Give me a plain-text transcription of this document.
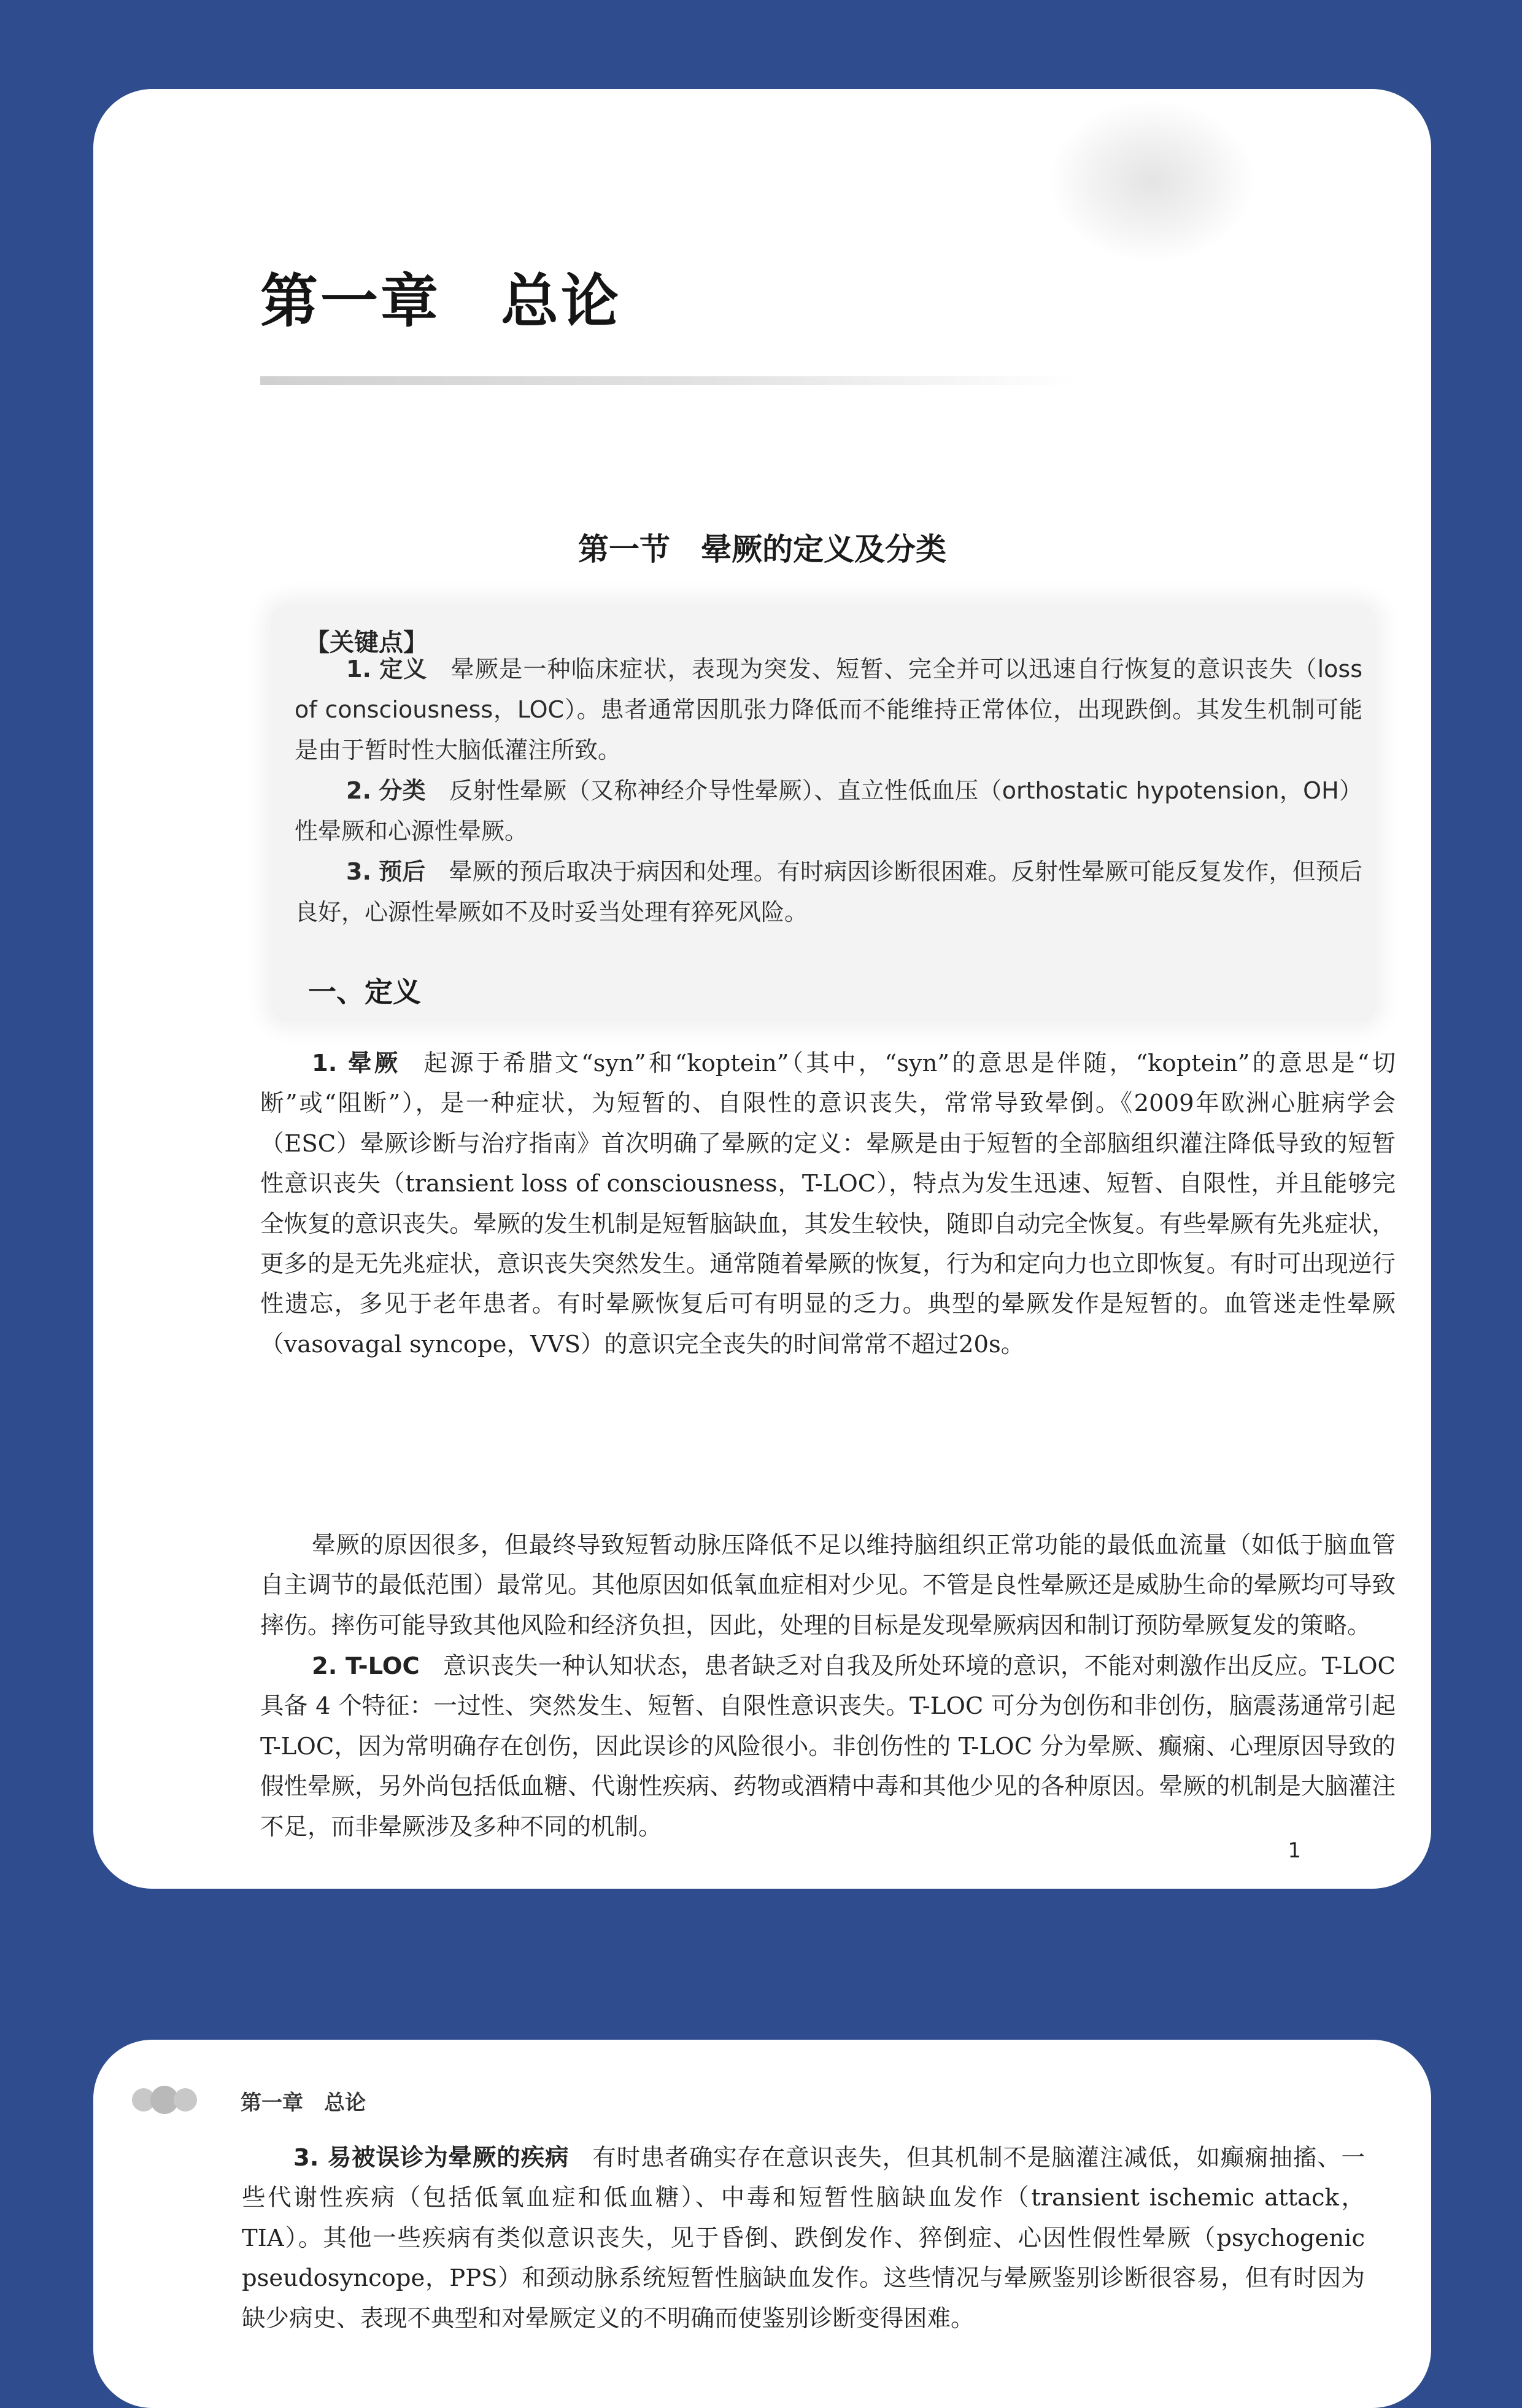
第一章　总论
第一节　晕厥的定义及分类
【关键点】
1. 定义 晕厥是一种临床症状，表现为突发、短暂、完全并可以迅速自行恢复的意识丧失（loss of consciousness，LOC）。患者通常因肌张力降低而不能维持正常体位，出现跌倒。其发生机制可能是由于暂时性大脑低灌注所致。
2. 分类 反射性晕厥（又称神经介导性晕厥）、直立性低血压（orthostatic hypotension，OH）性晕厥和心源性晕厥。
3. 预后 晕厥的预后取决于病因和处理。有时病因诊断很困难。反射性晕厥可能反复发作，但预后良好，心源性晕厥如不及时妥当处理有猝死风险。
一、定义
1. 晕厥 起源于希腊文“syn”和“koptein”（其中，“syn”的意思是伴随，“koptein”的意思是“切断”或“阻断”），是一种症状，为短暂的、自限性的意识丧失，常常导致晕倒。《2009年欧洲心脏病学会（ESC）晕厥诊断与治疗指南》首次明确了晕厥的定义：晕厥是由于短暂的全部脑组织灌注降低导致的短暂性意识丧失（transient loss of consciousness，T-LOC），特点为发生迅速、短暂、自限性，并且能够完全恢复的意识丧失。晕厥的发生机制是短暂脑缺血，其发生较快，随即自动完全恢复。有些晕厥有先兆症状，更多的是无先兆症状，意识丧失突然发生。通常随着晕厥的恢复，行为和定向力也立即恢复。有时可出现逆行性遗忘，多见于老年患者。有时晕厥恢复后可有明显的乏力。典型的晕厥发作是短暂的。血管迷走性晕厥（vasovagal syncope，VVS）的意识完全丧失的时间常常不超过20s。
晕厥的原因很多，但最终导致短暂动脉压降低不足以维持脑组织正常功能的最低血流量（如低于脑血管自主调节的最低范围）最常见。其他原因如低氧血症相对少见。不管是良性晕厥还是威胁生命的晕厥均可导致摔伤。摔伤可能导致其他风险和经济负担，因此，处理的目标是发现晕厥病因和制订预防晕厥复发的策略。
2. T-LOC 意识丧失一种认知状态，患者缺乏对自我及所处环境的意识，不能对刺激作出反应。T-LOC 具备 4 个特征：一过性、突然发生、短暂、自限性意识丧失。T-LOC 可分为创伤和非创伤，脑震荡通常引起 T-LOC，因为常明确存在创伤，因此误诊的风险很小。非创伤性的 T-LOC 分为晕厥、癫痫、心理原因导致的假性晕厥，另外尚包括低血糖、代谢性疾病、药物或酒精中毒和其他少见的各种原因。晕厥的机制是大脑灌注不足，而非晕厥涉及多种不同的机制。
1
第一章　总论
3. 易被误诊为晕厥的疾病 有时患者确实存在意识丧失，但其机制不是脑灌注减低，如癫痫抽搐、一些代谢性疾病（包括低氧血症和低血糖）、中毒和短暂性脑缺血发作（transient ischemic attack，TIA）。其他一些疾病有类似意识丧失，见于昏倒、跌倒发作、猝倒症、心因性假性晕厥（psychogenic pseudosyncope，PPS）和颈动脉系统短暂性脑缺血发作。这些情况与晕厥鉴别诊断很容易，但有时因为缺少病史、表现不典型和对晕厥定义的不明确而使鉴别诊断变得困难。
